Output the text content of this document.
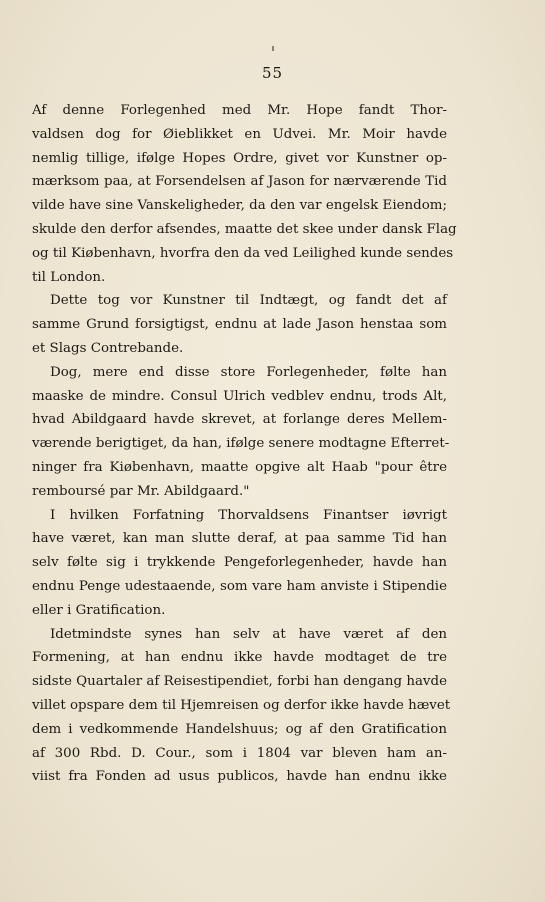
55
Af denne Forlegenhed med Mr. Hope fandt Thor-
valdsen dog for Øieblikket en Udvei. Mr. Moir havde
nemlig tillige, ifølge Hopes Ordre, givet vor Kunstner op-
mærksom paa, at Forsendelsen af Jason for nærværende Tid
vilde have sine Vanskeligheder, da den var engelsk Eiendom;
skulde den derfor afsendes, maatte det skee under dansk Flag
og til Kiøbenhavn, hvorfra den da ved Leilighed kunde sendes
til London.
Dette tog vor Kunstner til Indtægt, og fandt det af
samme Grund forsigtigst, endnu at lade Jason henstaa som
et Slags Contrebande.
Dog, mere end disse store Forlegenheder, følte han
maaske de mindre. Consul Ulrich vedblev endnu, trods Alt,
hvad Abildgaard havde skrevet, at forlange deres Mellem-
værende berigtiget, da han, ifølge senere modtagne Efterret-
ninger fra Kiøbenhavn, maatte opgive alt Haab "pour être
remboursé par Mr. Abildgaard."
I hvilken Forfatning Thorvaldsens Finantser iøvrigt
have været, kan man slutte deraf, at paa samme Tid han
selv følte sig i trykkende Pengeforlegenheder, havde han
endnu Penge udestaaende, som vare ham anviste i Stipendie
eller i Gratification.
Idetmindste synes han selv at have været af den
Formening, at han endnu ikke havde modtaget de tre
sidste Quartaler af Reisestipendiet, forbi han dengang havde
villet opspare dem til Hjemreisen og derfor ikke havde hævet
dem i vedkommende Handelshuus; og af den Gratification
af 300 Rbd. D. Cour., som i 1804 var bleven ham an-
viist fra Fonden ad usus publicos, havde han endnu ikke
